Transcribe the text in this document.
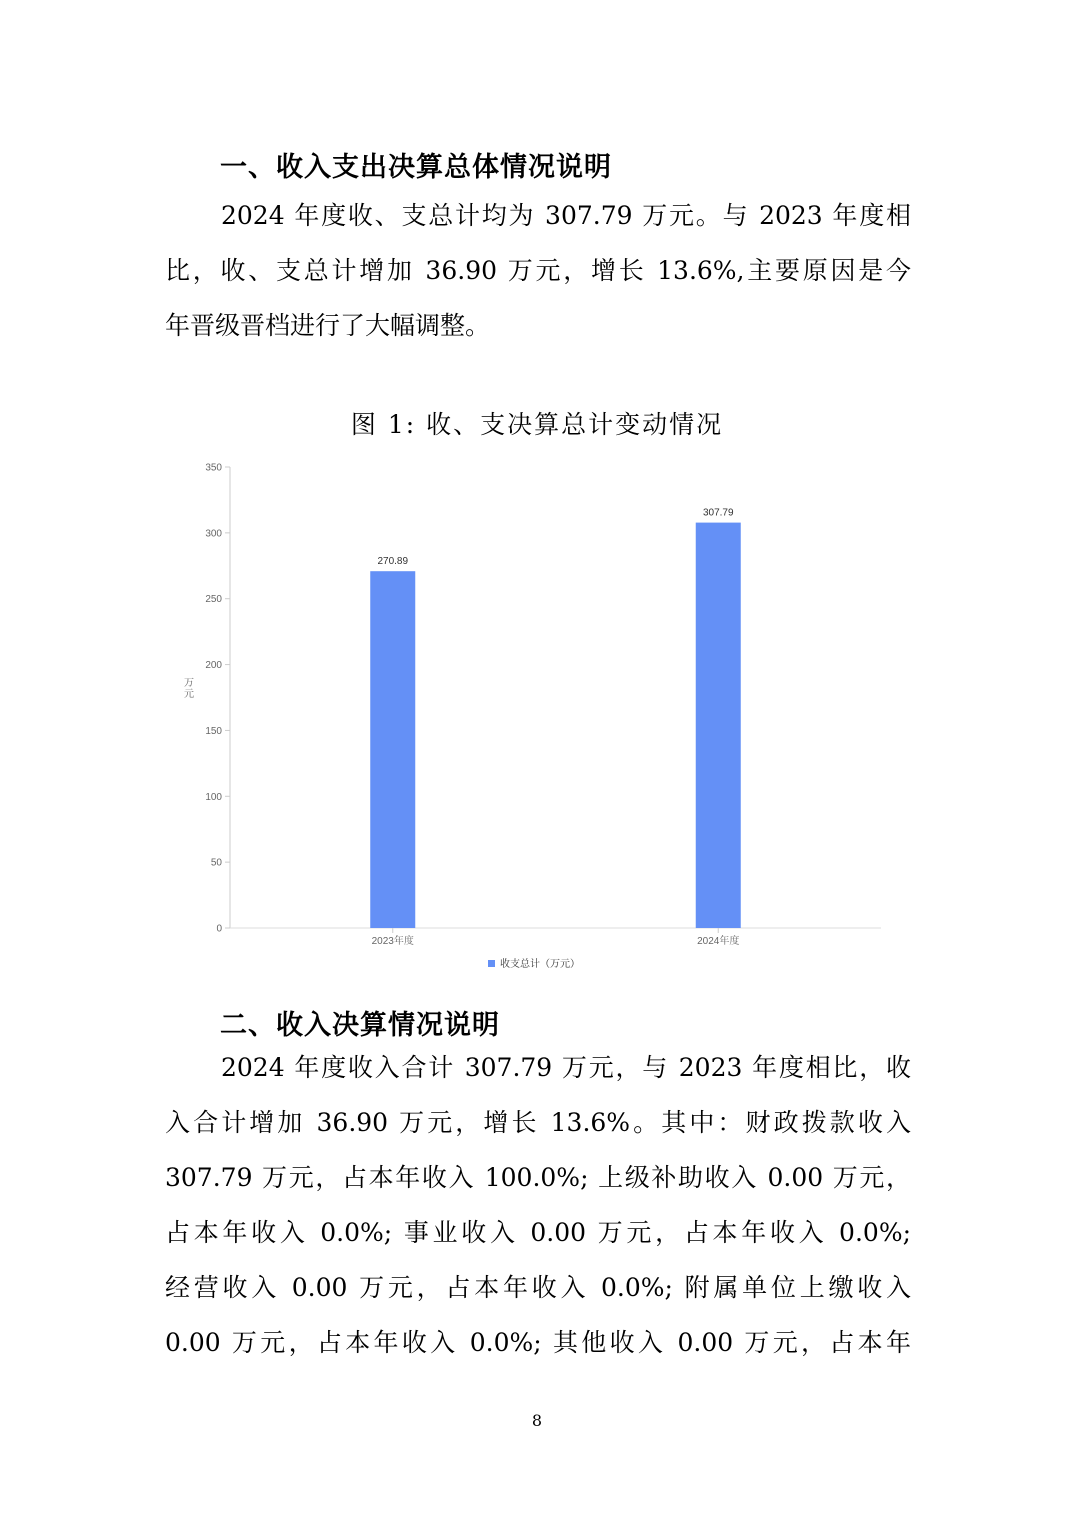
一、收入支出决算总体情况说明
2024 年度收、支总计均为 307.79 万元。与 2023 年度相
比，收、支总计增加 36.90 万元，增长 13.6%,主要原因是今
年晋级晋档进行了大幅调整。
图 1: 收、支决算总计变动情况
0
50
100
150
200
250
300
350
万元
270.89
2023年度
307.79
2024年度
收支总计（万元）
二、收入决算情况说明
2024 年度收入合计 307.79 万元，与 2023 年度相比，收
入合计增加 36.90 万元，增长 13.6%。其中：财政拨款收入
307.79 万元，占本年收入 100.0%; 上级补助收入 0.00 万元，
占本年收入 0.0%; 事业收入 0.00 万元，占本年收入 0.0%;
经营收入 0.00 万元，占本年收入 0.0%; 附属单位上缴收入
0.00 万元，占本年收入 0.0%; 其他收入 0.00 万元，占本年
8
